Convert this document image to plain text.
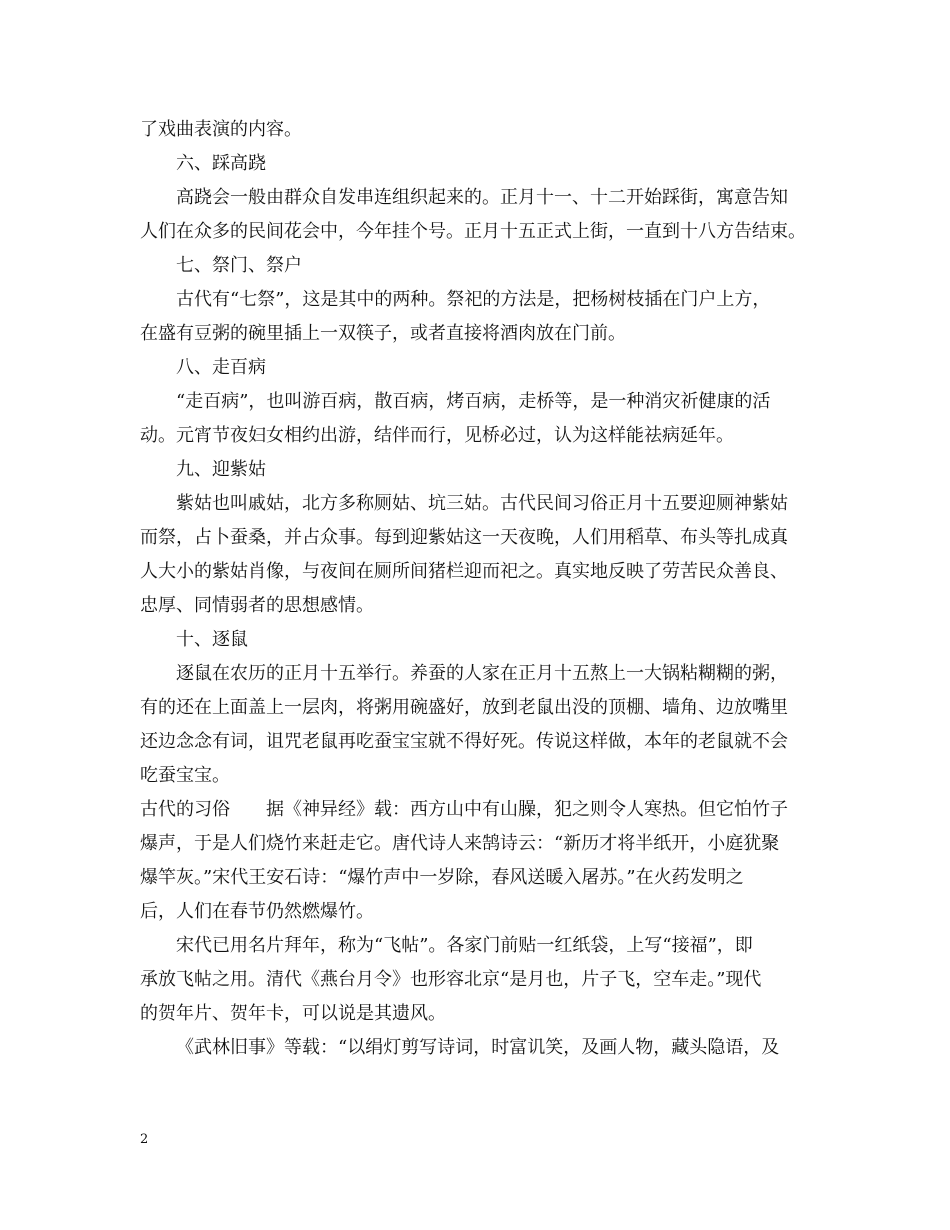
了戏曲表演的内容。
六、踩高跷
高跷会一般由群众自发串连组织起来的。正月十一、十二开始踩街，寓意告知
人们在众多的民间花会中，今年挂个号。正月十五正式上街，一直到十八方告结束。
七、祭门、祭户
古代有“七祭”，这是其中的两种。祭祀的方法是，把杨树枝插在门户上方，
在盛有豆粥的碗里插上一双筷子，或者直接将酒肉放在门前。
八、走百病
“走百病”，也叫游百病，散百病，烤百病，走桥等，是一种消灾祈健康的活
动。元宵节夜妇女相约出游，结伴而行，见桥必过，认为这样能祛病延年。
九、迎紫姑
紫姑也叫戚姑，北方多称厕姑、坑三姑。古代民间习俗正月十五要迎厕神紫姑
而祭，占卜蚕桑，并占众事。每到迎紫姑这一天夜晚，人们用稻草、布头等扎成真
人大小的紫姑肖像，与夜间在厕所间猪栏迎而祀之。真实地反映了劳苦民众善良、
忠厚、同情弱者的思想感情。
十、逐鼠
逐鼠在农历的正月十五举行。养蚕的人家在正月十五熬上一大锅粘糊糊的粥，
有的还在上面盖上一层肉，将粥用碗盛好，放到老鼠出没的顶棚、墙角、边放嘴里
还边念念有词，诅咒老鼠再吃蚕宝宝就不得好死。传说这样做，本年的老鼠就不会
吃蚕宝宝。
古代的习俗　　据《神异经》载：西方山中有山臊，犯之则令人寒热。但它怕竹子
爆声，于是人们烧竹来赶走它。唐代诗人来鹄诗云：“新历才将半纸开，小庭犹聚
爆竿灰。”宋代王安石诗：“爆竹声中一岁除，春风送暖入屠苏。”在火药发明之
后，人们在春节仍然燃爆竹。
宋代已用名片拜年，称为“飞帖”。各家门前贴一红纸袋，上写“接福”，即
承放飞帖之用。清代《燕台月令》也形容北京“是月也，片子飞，空车走。”现代
的贺年片、贺年卡，可以说是其遗风。
《武林旧事》等载：“以绢灯剪写诗词，时富讥笑，及画人物，藏头隐语，及
2
